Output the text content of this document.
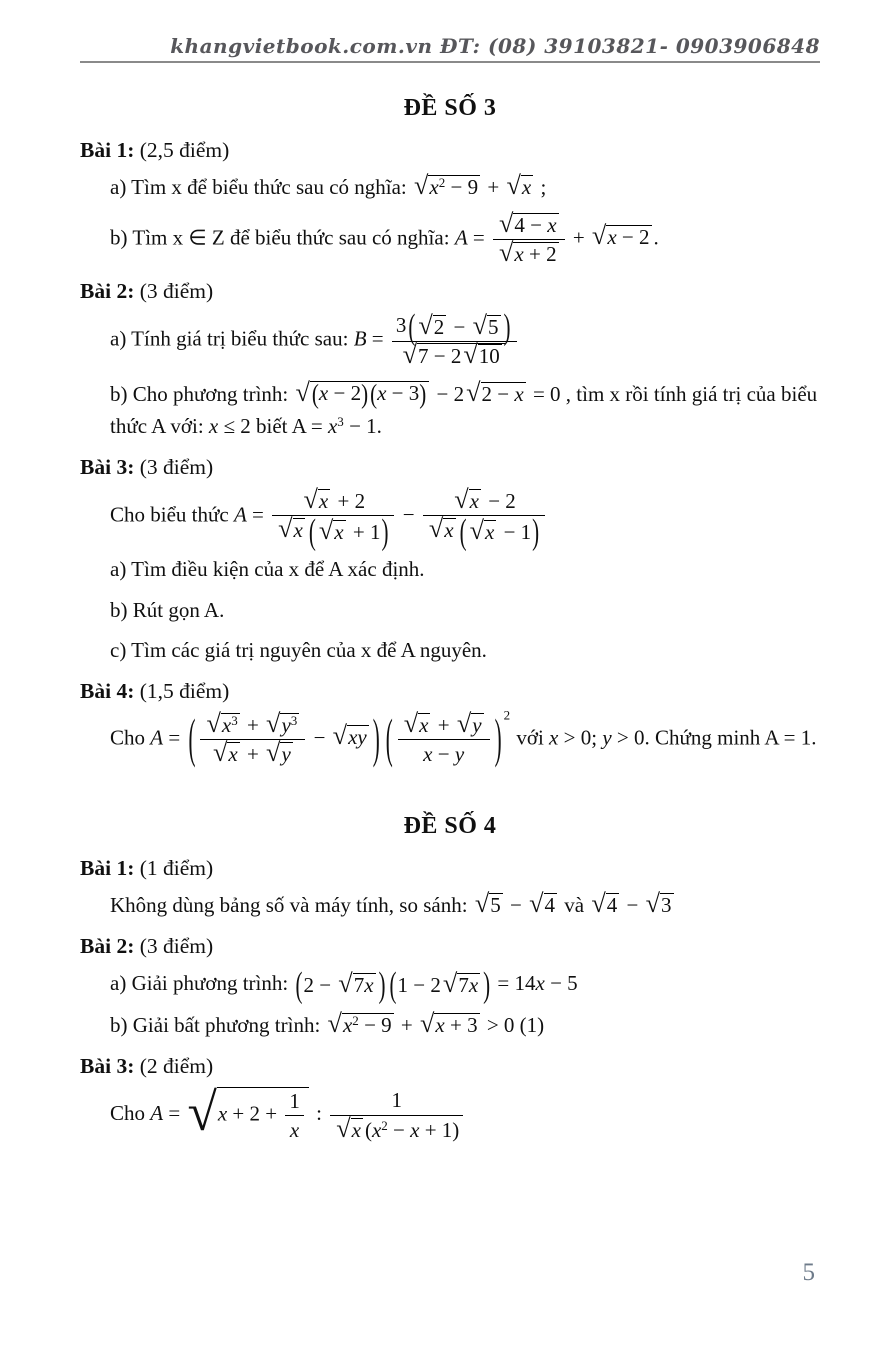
khangvietbook.com.vn ĐT: (08) 39103821- 0903906848
ĐỀ SỐ 3
Bài 1: (2,5 điểm)
a) Tìm x để biểu thức sau có nghĩa: √ $x^2 - 9$ + √ x ;
b) Tìm x ∈ Z để biểu thức sau có nghĩa: $A = \frac{√ 4 - x}{√ x + 2}$ + √ x − 2 .
Bài 2: (3 điểm)
a) Tính giá trị biểu thức sau: $B = \frac{3 ( √ 2 - √ 5 )}{√ 7 - 2 √ 10}$
b) Cho phương trình: √ ( x − 2 ) ( x − 3 ) − 2 √ 2 − x = 0 , tìm x rồi tính giá trị của biểu thức A với: x ≤ 2 biết $A = x^3 - 1$.
Bài 3: (3 điểm)
Cho biểu thức $A = \frac{√ x + 2}{√ x ( √ x + 1 )} - \frac{√ x - 2}{√ x ( √ x - 1 )}$
a) Tìm điều kiện của x để A xác định.
b) Rút gọn A.
c) Tìm các giá trị nguyên của x để A nguyên.
Bài 4: (1,5 điểm)
Cho A = ( $\frac{√ x^3 + √ y^3}{√ x + √ y}$ − √ xy ) ( $\frac{√ x + √ y}{x - y}$ ) 2
với x > 0; y > 0. Chứng minh A = 1.
ĐỀ SỐ 4
Bài 1: (1 điểm)
Không dùng bảng số và máy tính, so sánh: √ 5 − √ 4 và √ 4 − √ 3
Bài 2: (3 điểm)
a) Giải phương trình: ( 2 − √ 7x ) ( 1 − 2 √ 7x ) = 14x − 5
b) Giải bất phương trình: √ $x^2 - 9$ + √ x + 3 > 0 (1)
Bài 3: (2 điểm)
Cho A = √ $x + 2 + \frac{1}{x}$ : $\frac{1}{√ x (x^2 - x + 1)}$
5
